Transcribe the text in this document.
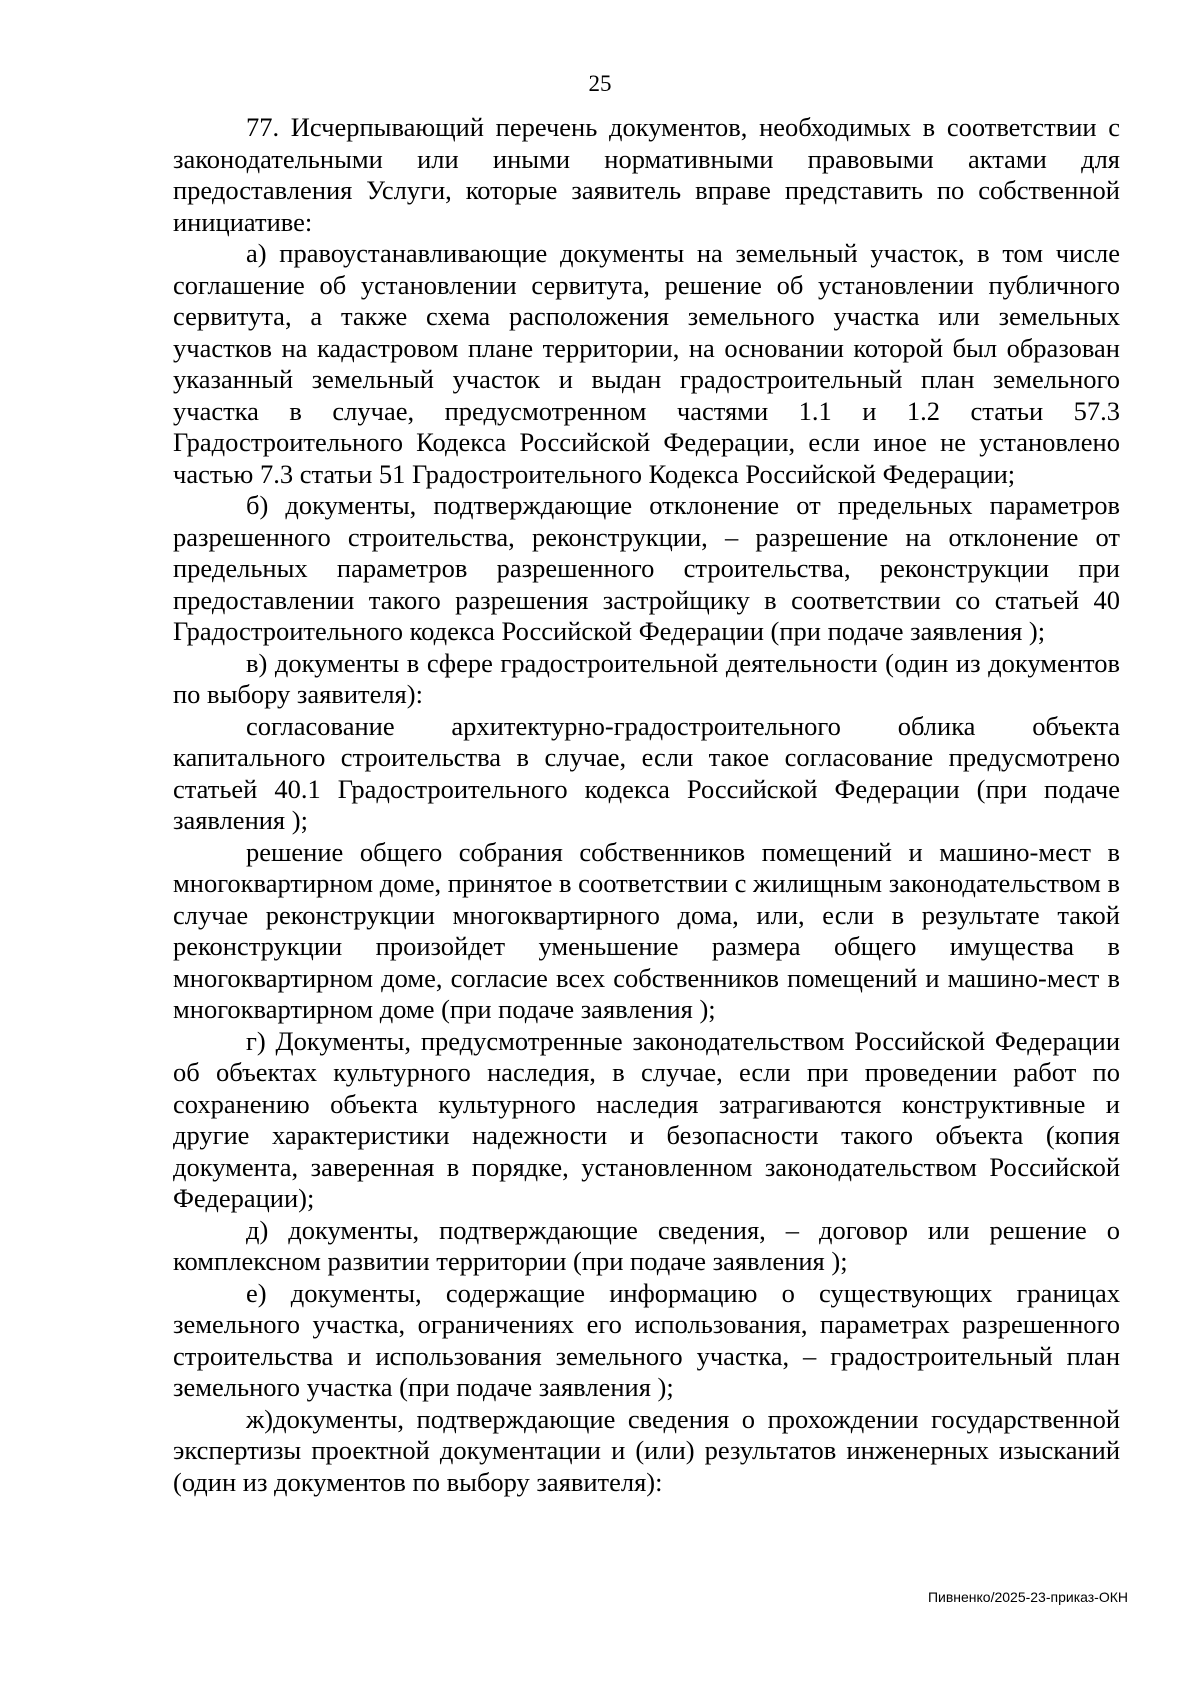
25

77. Исчерпывающий перечень документов, необходимых в соответствии с законодательными или иными нормативными правовыми актами для предоставления Услуги, которые заявитель вправе представить по собственной инициативе:

а) правоустанавливающие документы на земельный участок, в том числе соглашение об установлении сервитута, решение об установлении публичного сервитута, а также схема расположения земельного участка или земельных участков на кадастровом плане территории, на основании которой был образован указанный земельный участок и выдан градостроительный план земельного участка в случае, предусмотренном частями 1.1 и 1.2 статьи 57.3 Градостроительного Кодекса Российской Федерации, если иное не установлено частью 7.3 статьи 51 Градостроительного Кодекса Российской Федерации;

б) документы, подтверждающие отклонение от предельных параметров разрешенного строительства, реконструкции, – разрешение на отклонение от предельных параметров разрешенного строительства, реконструкции при предоставлении такого разрешения застройщику в соответствии со статьей 40 Градостроительного кодекса Российской Федерации (при подаче заявления );

в) документы в сфере градостроительной деятельности (один из документов по выбору заявителя):

согласование архитектурно-градостроительного облика объекта капитального строительства в случае, если такое согласование предусмотрено статьей 40.1 Градостроительного кодекса Российской Федерации (при подаче заявления );

решение общего собрания собственников помещений и машино-мест в многоквартирном доме, принятое в соответствии с жилищным законодательством в случае реконструкции многоквартирного дома, или, если в результате такой реконструкции произойдет уменьшение размера общего имущества в многоквартирном доме, согласие всех собственников помещений и машино-мест в многоквартирном доме (при подаче заявления );

г) Документы, предусмотренные законодательством Российской Федерации об объектах культурного наследия, в случае, если при проведении работ по сохранению объекта культурного наследия затрагиваются конструктивные и другие характеристики надежности и безопасности такого объекта (копия документа, заверенная в порядке, установленном законодательством Российской Федерации);

д) документы, подтверждающие сведения, – договор или решение о комплексном развитии территории (при подаче заявления );

е) документы, содержащие информацию о существующих границах земельного участка, ограничениях его использования, параметрах разрешенного строительства и использования земельного участка, – градостроительный план земельного участка (при подаче заявления );

ж)документы, подтверждающие сведения о прохождении государственной экспертизы проектной документации и (или) результатов инженерных изысканий (один из документов по выбору заявителя):

Пивненко/2025-23-приказ-ОКН
